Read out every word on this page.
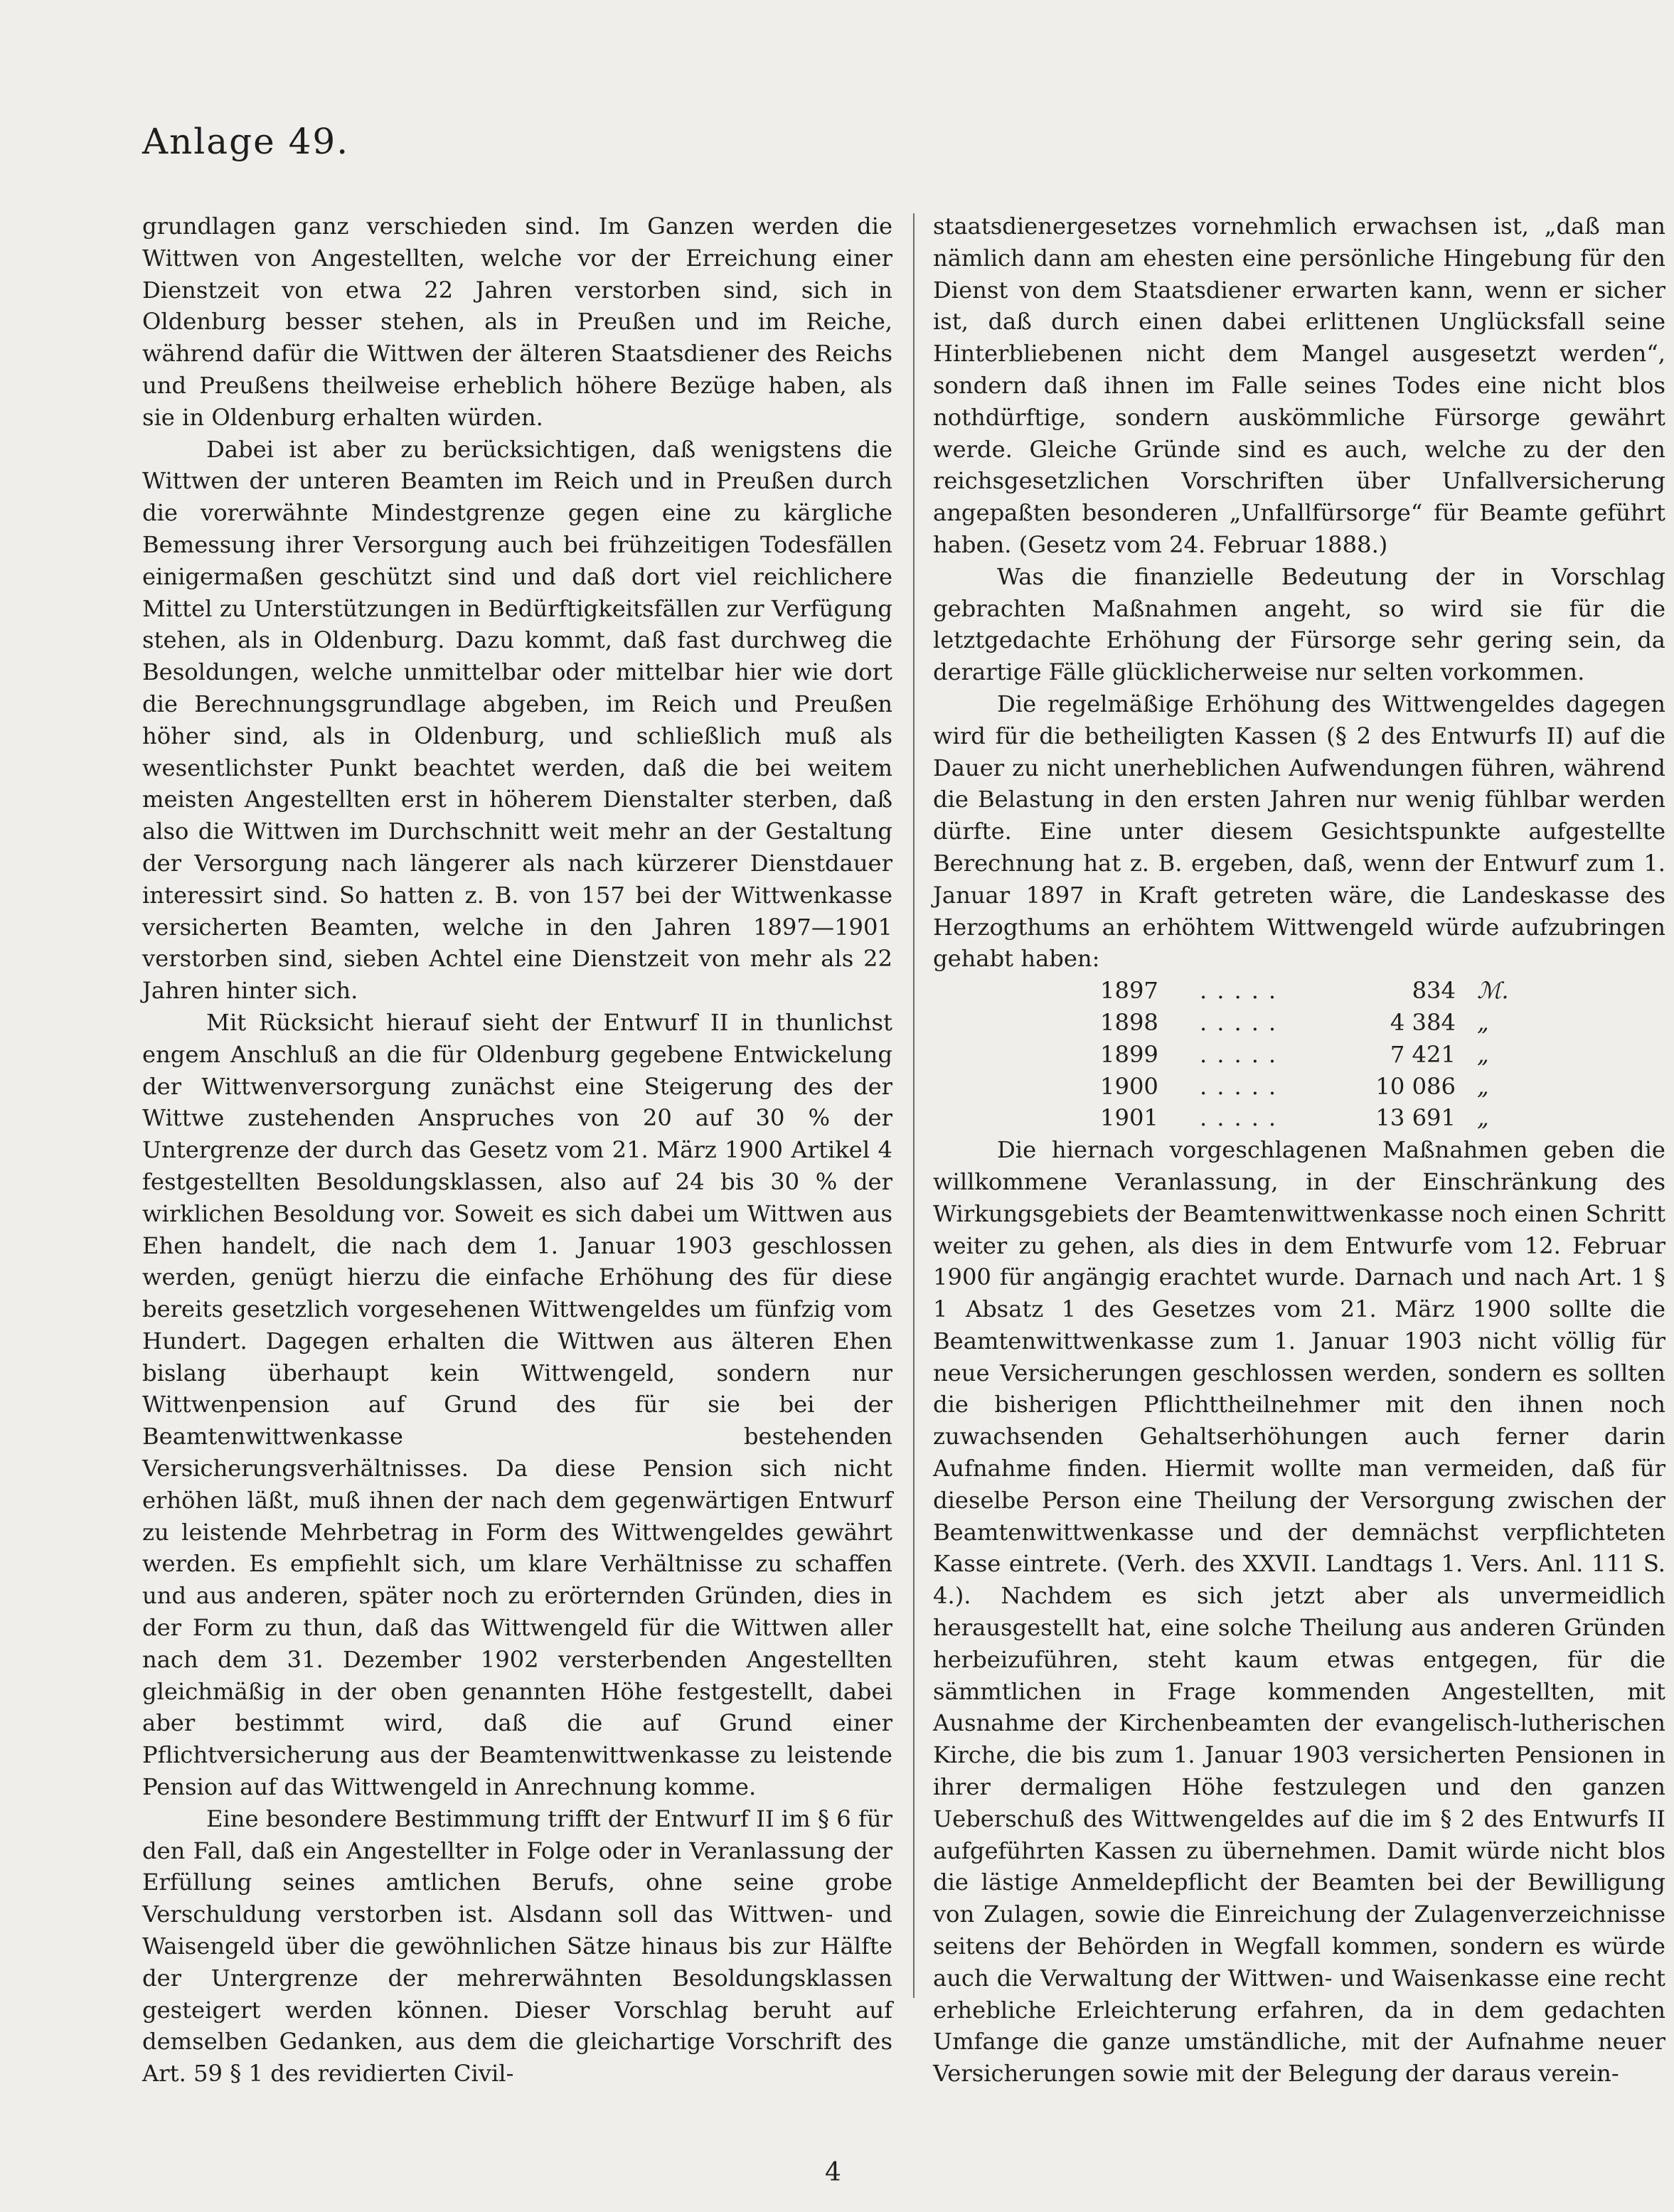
Anlage 49.

grundlagen ganz verschieden sind. Im Ganzen werden die Wittwen von Angestellten, welche vor der Erreichung einer Dienstzeit von etwa 22 Jahren verstorben sind, sich in Oldenburg besser stehen, als in Preußen und im Reiche, während dafür die Wittwen der älteren Staatsdiener des Reichs und Preußens theilweise erheblich höhere Bezüge haben, als sie in Oldenburg erhalten würden.

Dabei ist aber zu berücksichtigen, daß wenigstens die Wittwen der unteren Beamten im Reich und in Preußen durch die vorerwähnte Mindestgrenze gegen eine zu kärgliche Bemessung ihrer Versorgung auch bei frühzeitigen Todesfällen einigermaßen geschützt sind und daß dort viel reichlichere Mittel zu Unterstützungen in Bedürftigkeitsfällen zur Verfügung stehen, als in Oldenburg. Dazu kommt, daß fast durchweg die Besoldungen, welche unmittelbar oder mittelbar hier wie dort die Berechnungsgrundlage abgeben, im Reich und Preußen höher sind, als in Oldenburg, und schließlich muß als wesentlichster Punkt beachtet werden, daß die bei weitem meisten Angestellten erst in höherem Dienstalter sterben, daß also die Wittwen im Durchschnitt weit mehr an der Gestaltung der Versorgung nach längerer als nach kürzerer Dienstdauer interessirt sind. So hatten z. B. von 157 bei der Wittwenkasse versicherten Beamten, welche in den Jahren 1897—1901 verstorben sind, sieben Achtel eine Dienstzeit von mehr als 22 Jahren hinter sich.

Mit Rücksicht hierauf sieht der Entwurf II in thunlichst engem Anschluß an die für Oldenburg gegebene Entwickelung der Wittwenversorgung zunächst eine Steigerung des der Wittwe zustehenden Anspruches von 20 auf 30 % der Untergrenze der durch das Gesetz vom 21. März 1900 Artikel 4 festgestellten Besoldungsklassen, also auf 24 bis 30 % der wirklichen Besoldung vor. Soweit es sich dabei um Wittwen aus Ehen handelt, die nach dem 1. Januar 1903 geschlossen werden, genügt hierzu die einfache Erhöhung des für diese bereits gesetzlich vorgesehenen Wittwengeldes um fünfzig vom Hundert. Dagegen erhalten die Wittwen aus älteren Ehen bislang überhaupt kein Wittwengeld, sondern nur Wittwenpension auf Grund des für sie bei der Beamtenwittwenkasse bestehenden Versicherungsverhältnisses. Da diese Pension sich nicht erhöhen läßt, muß ihnen der nach dem gegenwärtigen Entwurf zu leistende Mehrbetrag in Form des Wittwengeldes gewährt werden. Es empfiehlt sich, um klare Verhältnisse zu schaffen und aus anderen, später noch zu erörternden Gründen, dies in der Form zu thun, daß das Wittwengeld für die Wittwen aller nach dem 31. Dezember 1902 versterbenden Angestellten gleichmäßig in der oben genannten Höhe festgestellt, dabei aber bestimmt wird, daß die auf Grund einer Pflichtversicherung aus der Beamtenwittwenkasse zu leistende Pension auf das Wittwengeld in Anrechnung komme.

Eine besondere Bestimmung trifft der Entwurf II im § 6 für den Fall, daß ein Angestellter in Folge oder in Veranlassung der Erfüllung seines amtlichen Berufs, ohne seine grobe Verschuldung verstorben ist. Alsdann soll das Wittwen- und Waisengeld über die gewöhnlichen Sätze hinaus bis zur Hälfte der Untergrenze der mehrerwähnten Besoldungsklassen gesteigert werden können. Dieser Vorschlag beruht auf demselben Gedanken, aus dem die gleichartige Vorschrift des Art. 59 § 1 des revidierten Civil-

staatsdienergesetzes vornehmlich erwachsen ist, „daß man nämlich dann am ehesten eine persönliche Hingebung für den Dienst von dem Staatsdiener erwarten kann, wenn er sicher ist, daß durch einen dabei erlittenen Unglücksfall seine Hinterbliebenen nicht dem Mangel ausgesetzt werden“, sondern daß ihnen im Falle seines Todes eine nicht blos nothdürftige, sondern auskömmliche Fürsorge gewährt werde. Gleiche Gründe sind es auch, welche zu der den reichsgesetzlichen Vorschriften über Unfallversicherung angepaßten besonderen „Unfallfürsorge“ für Beamte geführt haben. (Gesetz vom 24. Februar 1888.)

Was die finanzielle Bedeutung der in Vorschlag gebrachten Maßnahmen angeht, so wird sie für die letztgedachte Erhöhung der Fürsorge sehr gering sein, da derartige Fälle glücklicherweise nur selten vorkommen.

Die regelmäßige Erhöhung des Wittwengeldes dagegen wird für die betheiligten Kassen (§ 2 des Entwurfs II) auf die Dauer zu nicht unerheblichen Aufwendungen führen, während die Belastung in den ersten Jahren nur wenig fühlbar werden dürfte. Eine unter diesem Gesichtspunkte aufgestellte Berechnung hat z. B. ergeben, daß, wenn der Entwurf zum 1. Januar 1897 in Kraft getreten wäre, die Landeskasse des Herzogthums an erhöhtem Wittwengeld würde aufzubringen gehabt haben:

1897	.....	834	ℳ.
1898	.....	4 384	„
1899	.....	7 421	„
1900	.....	10 086	„
1901	.....	13 691	„

Die hiernach vorgeschlagenen Maßnahmen geben die willkommene Veranlassung, in der Einschränkung des Wirkungsgebiets der Beamtenwittwenkasse noch einen Schritt weiter zu gehen, als dies in dem Entwurfe vom 12. Februar 1900 für angängig erachtet wurde. Darnach und nach Art. 1 § 1 Absatz 1 des Gesetzes vom 21. März 1900 sollte die Beamtenwittwenkasse zum 1. Januar 1903 nicht völlig für neue Versicherungen geschlossen werden, sondern es sollten die bisherigen Pflichttheilnehmer mit den ihnen noch zuwachsenden Gehaltserhöhungen auch ferner darin Aufnahme finden. Hiermit wollte man vermeiden, daß für dieselbe Person eine Theilung der Versorgung zwischen der Beamtenwittwenkasse und der demnächst verpflichteten Kasse eintrete. (Verh. des XXVII. Landtags 1. Vers. Anl. 111 S. 4.). Nachdem es sich jetzt aber als unvermeidlich herausgestellt hat, eine solche Theilung aus anderen Gründen herbeizuführen, steht kaum etwas entgegen, für die sämmtlichen in Frage kommenden Angestellten, mit Ausnahme der Kirchenbeamten der evangelisch-lutherischen Kirche, die bis zum 1. Januar 1903 versicherten Pensionen in ihrer dermaligen Höhe festzulegen und den ganzen Ueberschuß des Wittwengeldes auf die im § 2 des Entwurfs II aufgeführten Kassen zu übernehmen. Damit würde nicht blos die lästige Anmeldepflicht der Beamten bei der Bewilligung von Zulagen, sowie die Einreichung der Zulagenverzeichnisse seitens der Behörden in Wegfall kommen, sondern es würde auch die Verwaltung der Wittwen- und Waisenkasse eine recht erhebliche Erleichterung erfahren, da in dem gedachten Umfange die ganze umständliche, mit der Aufnahme neuer Versicherungen sowie mit der Belegung der daraus verein-

4
